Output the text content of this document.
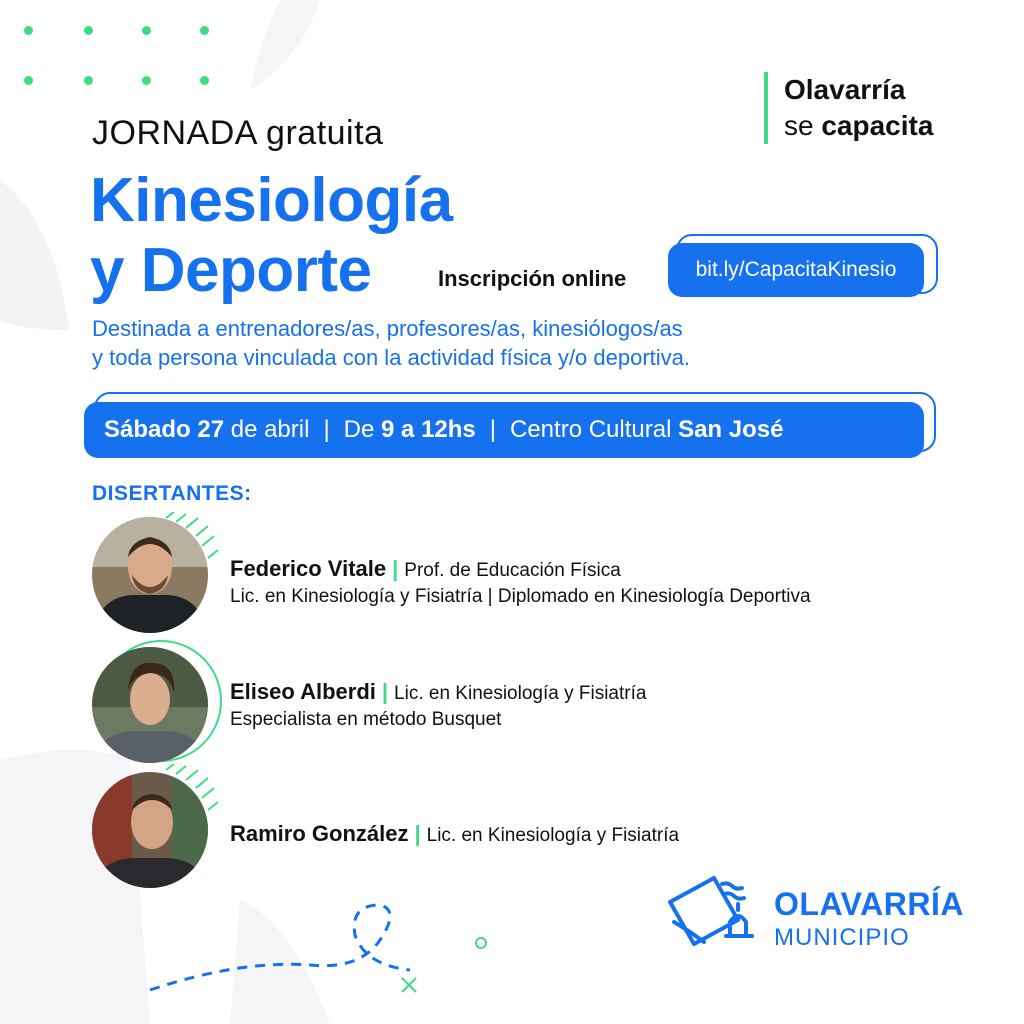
Olavarría
se capacita
JORNADA gratuita
Kinesiología
y Deporte	Inscripción online	bit.ly/CapacitaKinesio
Destinada a entrenadores/as, profesores/as, kinesiólogos/as
y toda persona vinculada con la actividad física y/o deportiva.
Sábado 27 de abril | De 9 a 12hs | Centro Cultural San José
DISERTANTES:
Federico Vitale | Prof. de Educación Física
Lic. en Kinesiología y Fisiatría | Diplomado en Kinesiología Deportiva
Eliseo Alberdi | Lic. en Kinesiología y Fisiatría
Especialista en método Busquet
Ramiro González | Lic. en Kinesiología y Fisiatría
OLAVARRÍA
MUNICIPIO
